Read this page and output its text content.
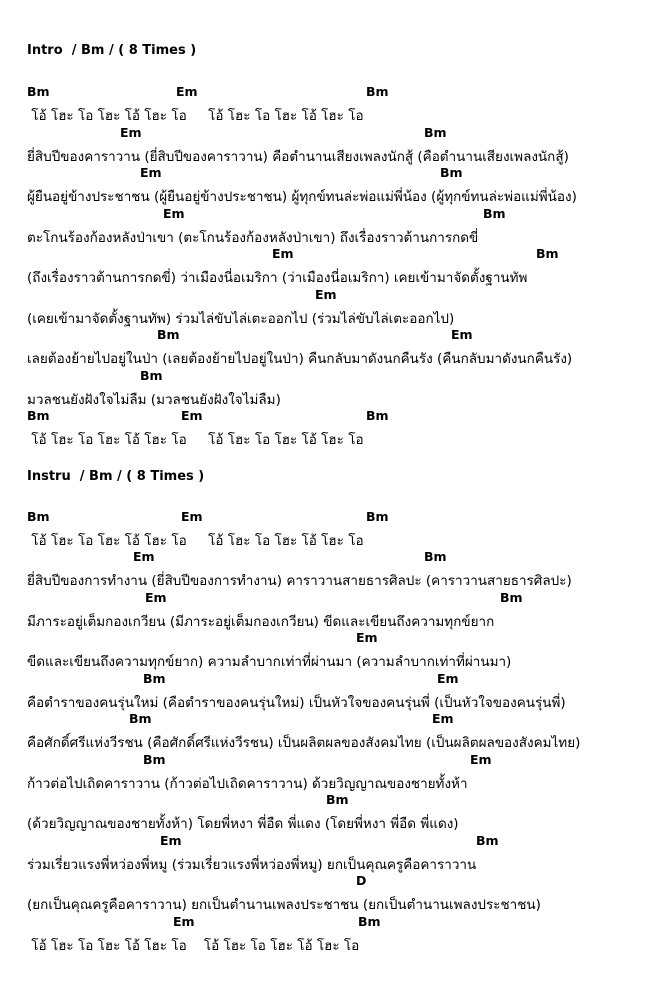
Intro  / Bm / ( 8 Times )
Bm	Em	Bm
โอ้ โฮะ โอ โฮะ โอ้ โฮะ โอ     โอ้ โฮะ โอ โฮะ โอ้ โฮะ โอ
Em	Bm
ยี่สิบปีของคาราวาน (ยี่สิบปีของคาราวาน) คือตำนานเสียงเพลงนักสู้ (คือตำนานเสียงเพลงนักสู้)
Em	Bm
ผู้ยืนอยู่ข้างประชาชน (ผู้ยืนอยู่ข้างประชาชน) ผู้ทุกข์ทนล่ะพ่อแม่พี่น้อง (ผู้ทุกข์ทนล่ะพ่อแม่พี่น้อง)
Em	Bm
ตะโกนร้องก้องหลังป่าเขา (ตะโกนร้องก้องหลังป่าเขา) ถึงเรื่องราวต้านการกดขี่
Em	Bm
(ถึงเรื่องราวต้านการกดขี่) ว่าเมืองนี่อเมริกา (ว่าเมืองนี่อเมริกา) เคยเข้ามาจัดตั้งฐานทัพ
Em
(เคยเข้ามาจัดตั้งฐานทัพ) ร่วมไล่ขับไล่เตะออกไป (ร่วมไล่ขับไล่เตะออกไป)
Bm	Em
เลยต้องย้ายไปอยู่ในป่า (เลยต้องย้ายไปอยู่ในป่า) คืนกลับมาดังนกคืนรัง (คืนกลับมาดังนกคืนรัง)
Bm
มวลชนยังฝังใจไม่ลืม (มวลชนยังฝังใจไม่ลืม)
Bm	Em	Bm
โอ้ โฮะ โอ โฮะ โอ้ โฮะ โอ     โอ้ โฮะ โอ โฮะ โอ้ โฮะ โอ
Instru  / Bm / ( 8 Times )
Bm	Em	Bm
โอ้ โฮะ โอ โฮะ โอ้ โฮะ โอ     โอ้ โฮะ โอ โฮะ โอ้ โฮะ โอ
Em	Bm
ยี่สิบปีของการทำงาน (ยี่สิบปีของการทำงาน) คาราวานสายธารศิลปะ (คาราวานสายธารศิลปะ)
Em	Bm
มีภาระอยู่เต็มกองเกวียน (มีภาระอยู่เต็มกองเกวียน) ขีดและเขียนถึงความทุกข์ยาก
Em
ขีดและเขียนถึงความทุกข์ยาก) ความลำบากเท่าที่ผ่านมา (ความลำบากเท่าที่ผ่านมา)
Bm	Em
คือตำราของคนรุ่นใหม่ (คือตำราของคนรุ่นใหม่) เป็นหัวใจของคนรุ่นพี่ (เป็นหัวใจของคนรุ่นพี่)
Bm	Em
คือศักดิ์ศรีแห่งวีรชน (คือศักดิ์ศรีแห่งวีรชน) เป็นผลิตผลของสังคมไทย (เป็นผลิตผลของสังคมไทย)
Bm	Em
ก้าวต่อไปเถิดคาราวาน (ก้าวต่อไปเถิดคาราวาน) ด้วยวิญญาณของชายทั้งห้า
Bm
(ด้วยวิญญาณของชายทั้งห้า) โดยพี่หงา พี่อืด พี่แดง (โดยพี่หงา พี่อืด พี่แดง)
Em	Bm
ร่วมเรี่ยวแรงพี่หว่องพี่หมู (ร่วมเรี่ยวแรงพี่หว่องพี่หมู) ยกเป็นคุณครูคือคาราวาน
D
(ยกเป็นคุณครูคือคาราวาน) ยกเป็นตำนานเพลงประชาชน (ยกเป็นตำนานเพลงประชาชน)
Em	Bm
โอ้ โฮะ โอ โฮะ โอ้ โฮะ โอ    โอ้ โฮะ โอ โฮะ โอ้ โฮะ โอ
